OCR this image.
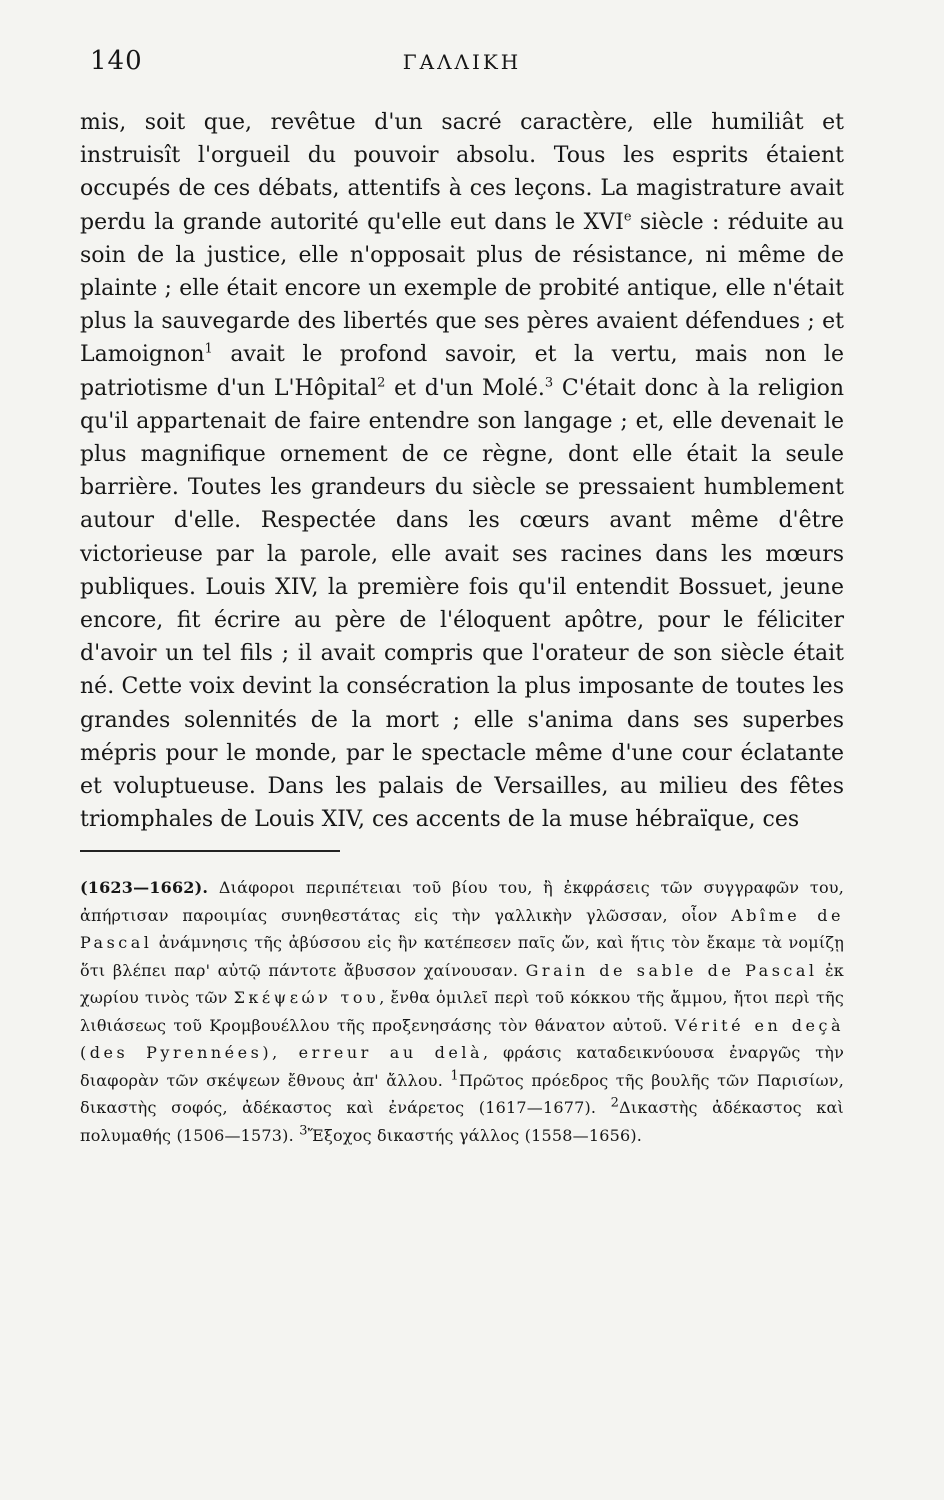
140	ΓΑΛΛΙΚΗ

mis, soit que, revêtue d'un sacré caractère, elle humiliât et instruisît l'orgueil du pouvoir absolu. Tous les esprits étaient occupés de ces débats, attentifs à ces leçons. La magistrature avait perdu la grande autorité qu'elle eut dans le XVIe siècle : réduite au soin de la justice, elle n'opposait plus de résistance, ni même de plainte ; elle était encore un exemple de probité antique, elle n'était plus la sauvegarde des libertés que ses pères avaient défendues ; et Lamoignon$^1$ avait le profond savoir, et la vertu, mais non le patriotisme d'un L'Hôpital$^2$ et d'un Molé.$^3$ C'était donc à la religion qu'il appartenait de faire entendre son langage ; et, elle devenait le plus magnifique ornement de ce règne, dont elle était la seule barrière. Toutes les grandeurs du siècle se pressaient humblement autour d'elle. Respectée dans les cœurs avant même d'être victorieuse par la parole, elle avait ses racines dans les mœurs publiques. Louis XIV, la première fois qu'il entendit Bossuet, jeune encore, fit écrire au père de l'éloquent apôtre, pour le féliciter d'avoir un tel fils ; il avait compris que l'orateur de son siècle était né. Cette voix devint la consécration la plus imposante de toutes les grandes solennités de la mort ; elle s'anima dans ses superbes mépris pour le monde, par le spectacle même d'une cour éclatante et voluptueuse. Dans les palais de Versailles, au milieu des fêtes triomphales de Louis XIV, ces accents de la muse hébraïque, ces

(1623—1662). Διάφοροι περιπέτειαι τοῦ βίου του, ἢ ἐκφράσεις τῶν συγγραφῶν του, ἀπήρτισαν παροιμίας συνηθεστάτας εἰς τὴν γαλλικὴν γλῶσσαν, οἷον Abîme de Pascal ἀνάμνησις τῆς ἀβύσσου εἰς ἣν κατέπεσεν παῖς ὤν, καὶ ἥτις τὸν ἔκαμε τὰ νομίζῃ ὅτι βλέπει παρ' αὐτῷ πάντοτε ἄβυσσον χαίνουσαν. Grain de sable de Pascal ἐκ χωρίου τινὸς τῶν Σκέψεών του, ἔνθα ὁμιλεῖ περὶ τοῦ κόκκου τῆς ἄμμου, ἤτοι περὶ τῆς λιθιάσεως τοῦ Κρομβουέλλου τῆς προξενησάσης τὸν θάνατον αὐτοῦ. Vérité en deçà (des Pyrennées), erreur au delà, φράσις καταδεικνύουσα ἐναργῶς τὴν διαφορὰν τῶν σκέψεων ἔθνους ἀπ' ἄλλου. $^1$Πρῶτος πρόεδρος τῆς βουλῆς τῶν Παρισίων, δικαστὴς σοφός, ἀδέκαστος καὶ ἐνάρετος (1617—1677). $^2$Δικαστὴς ἀδέκαστος καὶ πολυμαθής (1506—1573). $^3$Ἔξοχος δικαστής γάλλος (1558—1656).
